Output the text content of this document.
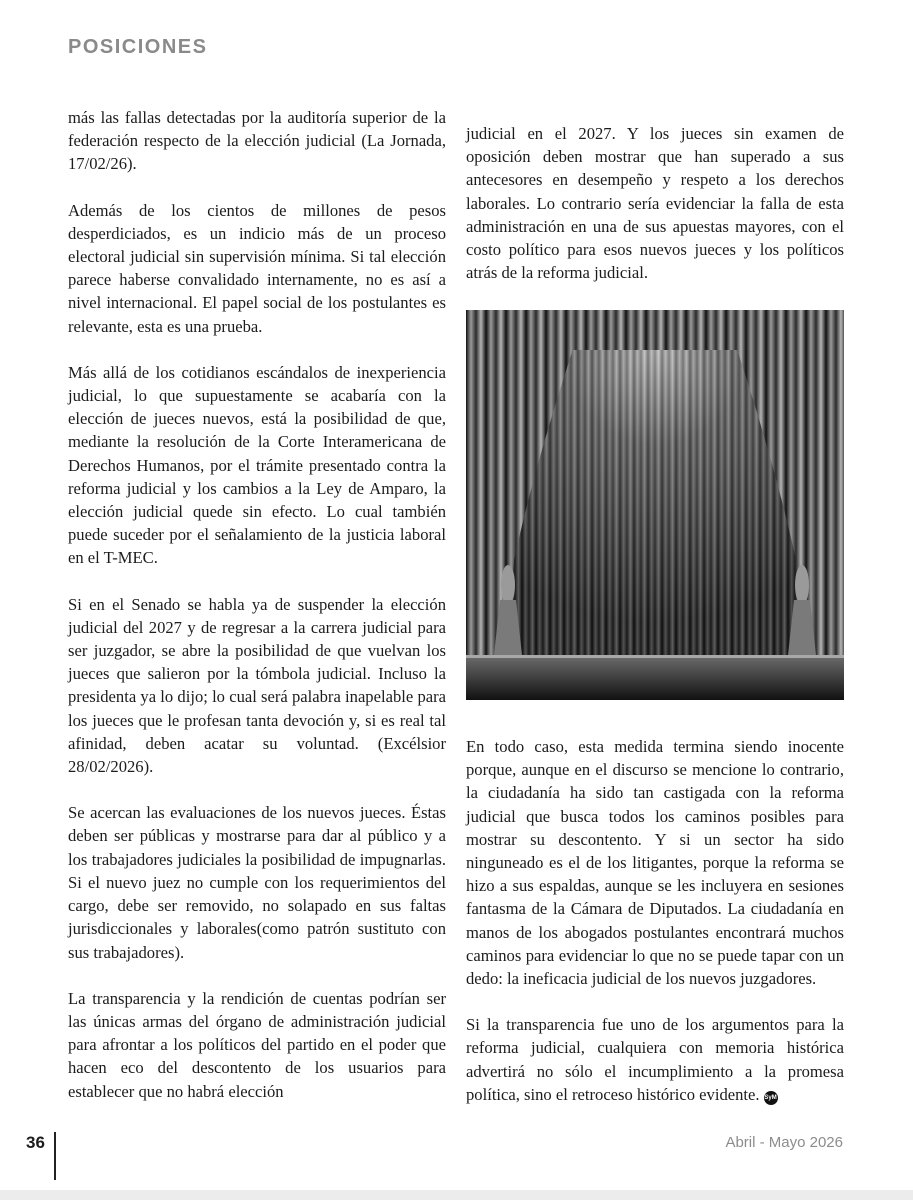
POSICIONES

más las fallas detectadas por la auditoría superior de la federación respecto de la elección judicial (La Jornada, 17/02/26).

Además de los cientos de millones de pesos desperdiciados, es un indicio más de un proceso electoral judicial sin supervisión mínima. Si tal elección parece haberse convalidado internamente, no es así a nivel internacional. El papel social de los postulantes es relevante, esta es una prueba.

Más allá de los cotidianos escándalos de inexperiencia judicial, lo que supuestamente se acabaría con la elección de jueces nuevos, está la posibilidad de que, mediante la resolución de la Corte Interamericana de Derechos Humanos, por el trámite presentado contra la reforma judicial y los cambios a la Ley de Amparo, la elección judicial quede sin efecto. Lo cual también puede suceder por el señalamiento de la justicia laboral en el T-MEC.

Si en el Senado se habla ya de suspender la elección judicial del 2027 y de regresar a la carrera judicial para ser juzgador, se abre la posibilidad de que vuelvan los jueces que salieron por la tómbola judicial. Incluso la presidenta ya lo dijo; lo cual será palabra inapelable para los jueces que le profesan tanta devoción y, si es real tal afinidad, deben acatar su voluntad. (Excélsior 28/02/2026).

Se acercan las evaluaciones de los nuevos jueces. Éstas deben ser públicas y mostrarse para dar al público y a los trabajadores judiciales la posibilidad de impugnarlas. Si el nuevo juez no cumple con los requerimientos del cargo, debe ser removido, no solapado en sus faltas jurisdiccionales y laborales(como patrón sustituto con sus trabajadores).

La transparencia y la rendición de cuentas podrían ser las únicas armas del órgano de administración judicial para afrontar a los políticos del partido en el poder que hacen eco del descontento de los usuarios para establecer que no habrá elección

judicial en el 2027. Y los jueces sin examen de oposición deben mostrar que han superado a sus antecesores en desempeño y respeto a los derechos laborales. Lo contrario sería evidenciar la falla de esta administración en una de sus apuestas mayores, con el costo político para esos nuevos jueces y los políticos atrás de la reforma judicial.

En todo caso, esta medida termina siendo inocente porque, aunque en el discurso se mencione lo contrario, la ciudadanía ha sido tan castigada con la reforma judicial que busca todos los caminos posibles para mostrar su descontento. Y si un sector ha sido ninguneado es el de los litigantes, porque la reforma se hizo a sus espaldas, aunque se les incluyera en sesiones fantasma de la Cámara de Diputados. La ciudadanía en manos de los abogados postulantes encontrará muchos caminos para evidenciar lo que no se puede tapar con un dedo: la ineficacia judicial de los nuevos juzgadores.

Si la transparencia fue uno de los argumentos para la reforma judicial, cualquiera con memoria histórica advertirá no sólo el incumplimiento a la promesa política, sino el retroceso histórico evidente. SyM

36	Abril - Mayo 2026
